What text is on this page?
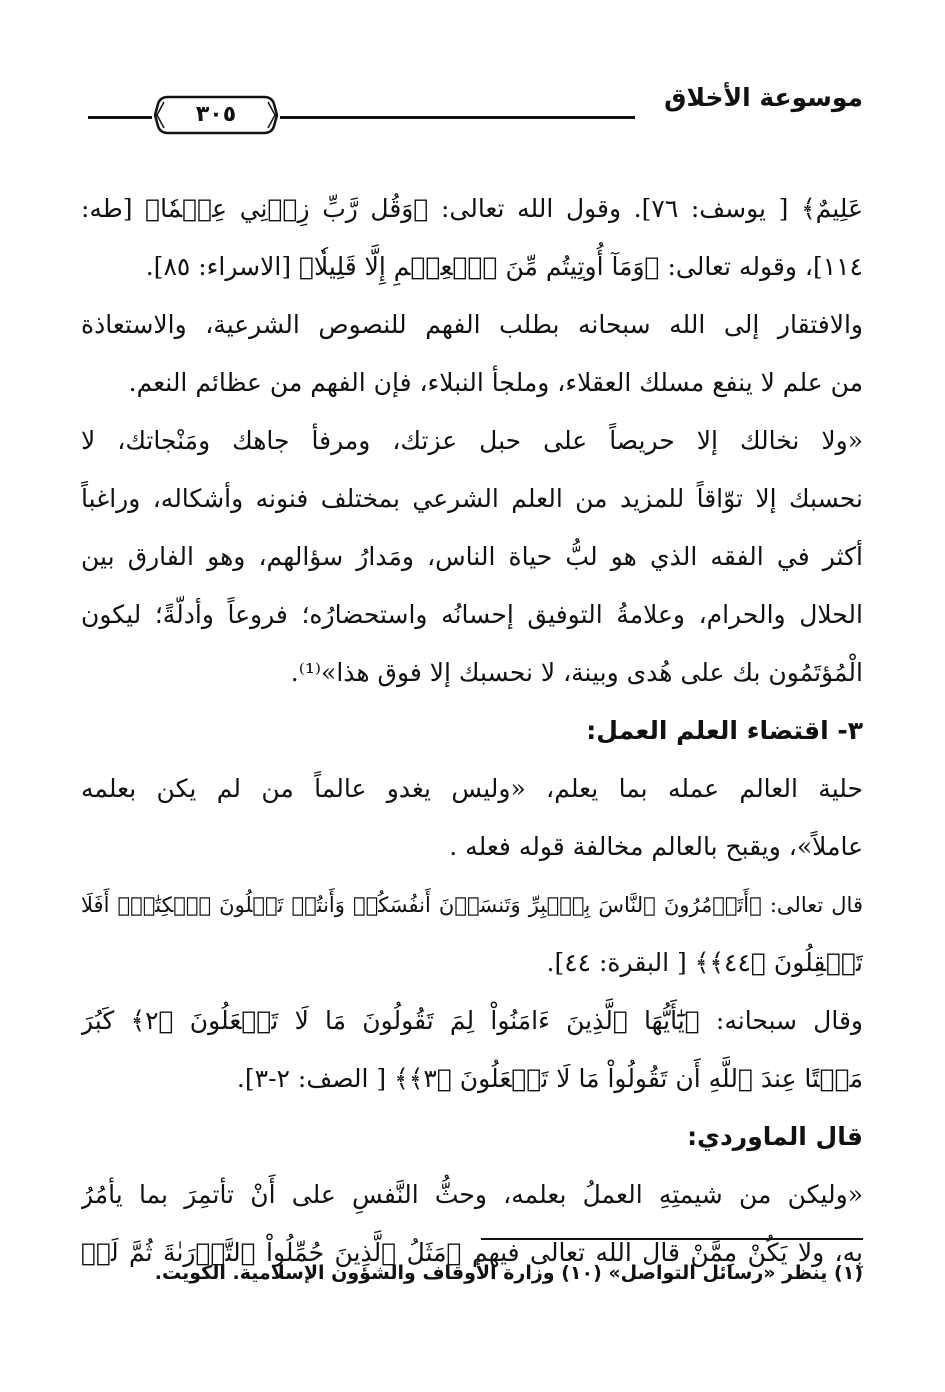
موسوعة الأخلاق
٣٠٥
عَلِيمٌ﴾ [ يوسف: ٧٦]. وقول الله تعالى: ﴿وَقُل رَّبِّ زِدۡنِي عِلۡمٗا﴾ [طه:
١١٤]، وقوله تعالى: ﴿وَمَآ أُوتِيتُم مِّنَ ٱلۡعِلۡمِ إِلَّا قَلِيلٗا﴾ [الاسراء: ٨٥].
والافتقار إلى الله سبحانه بطلب الفهم للنصوص الشرعية، والاستعاذة
من علم لا ينفع مسلك العقلاء، وملجأ النبلاء، فإن الفهم من عظائم النعم.
«ولا نخالك إلا حريصاً على حبل عزتك، ومرفأ جاهك ومَنْجاتك، لا
نحسبك إلا توّاقاً للمزيد من العلم الشرعي بمختلف فنونه وأشكاله، وراغباً
أكثر في الفقه الذي هو لبُّ حياة الناس، ومَدارُ سؤالهم، وهو الفارق بين
الحلال والحرام، وعلامةُ التوفيق إحسانُه واستحضارُه؛ فروعاً وأدلّةً؛ ليكون
الْمُؤتَمُون بك على هُدى وبينة، لا نحسبك إلا فوق هذا»⁽¹⁾.
٣- اقتضاء العلم العمل:
حلية العالم عمله بما يعلم، «وليس يغدو عالماً من لم يكن بعلمه
عاملاً»، ويقبح بالعالم مخالفة قوله فعله .
قال تعالى: ﴿أَتَأۡمُرُونَ ٱلنَّاسَ بِٱلۡبِرِّ وَتَنسَوۡنَ أَنفُسَكُمۡ وَأَنتُمۡ تَتۡلُونَ ٱلۡكِتَٰبَۚ أَفَلَا
تَعۡقِلُونَ ﴿٤٤﴾﴾ [ البقرة: ٤٤].
وقال سبحانه: ﴿يَٰٓأَيُّهَا ٱلَّذِينَ ءَامَنُواْ لِمَ تَقُولُونَ مَا لَا تَفۡعَلُونَ ﴿٢﴾ كَبُرَ
مَقۡتًا عِندَ ٱللَّهِ أَن تَقُولُواْ مَا لَا تَفۡعَلُونَ ﴿٣﴾﴾ [ الصف: ٢-٣].
قال الماوردي:
«وليكن من شيمتِهِ العملُ بعلمه، وحثُّ النَّفسِ على أَنْ تأتمِرَ بما يأمُرُ
بِه، ولا يَكُنْ مِمَّنْ قال الله تعالى فيهم ﴿مَثَلُ ٱلَّذِينَ حُمِّلُواْ ٱلتَّوۡرَىٰةَ ثُمَّ لَمۡ
(١) ينظر «رسائل التواصل» (١٠) وزارة الأوقاف والشؤون الإسلامية. الكويت.
